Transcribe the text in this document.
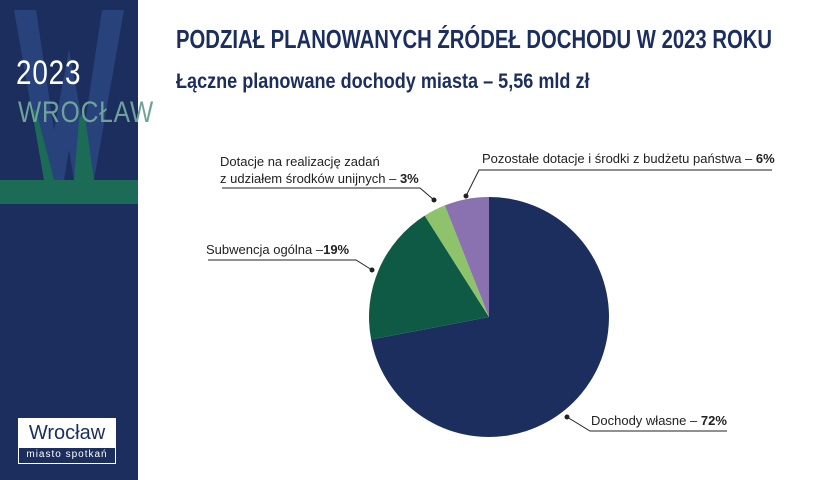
2023
WROCŁAW
Wrocław
miasto spotkań
PODZIAŁ PLANOWANYCH ŹRÓDEŁ DOCHODU W 2023 ROKU
Łączne planowane dochody miasta – 5,56 mld zł
Dochody własne – 72%
Subwencja ogólna –19%
Dotacje na realizację zadań
z udziałem środków unijnych – 3%
Pozostałe dotacje i środki z budżetu państwa – 6%
